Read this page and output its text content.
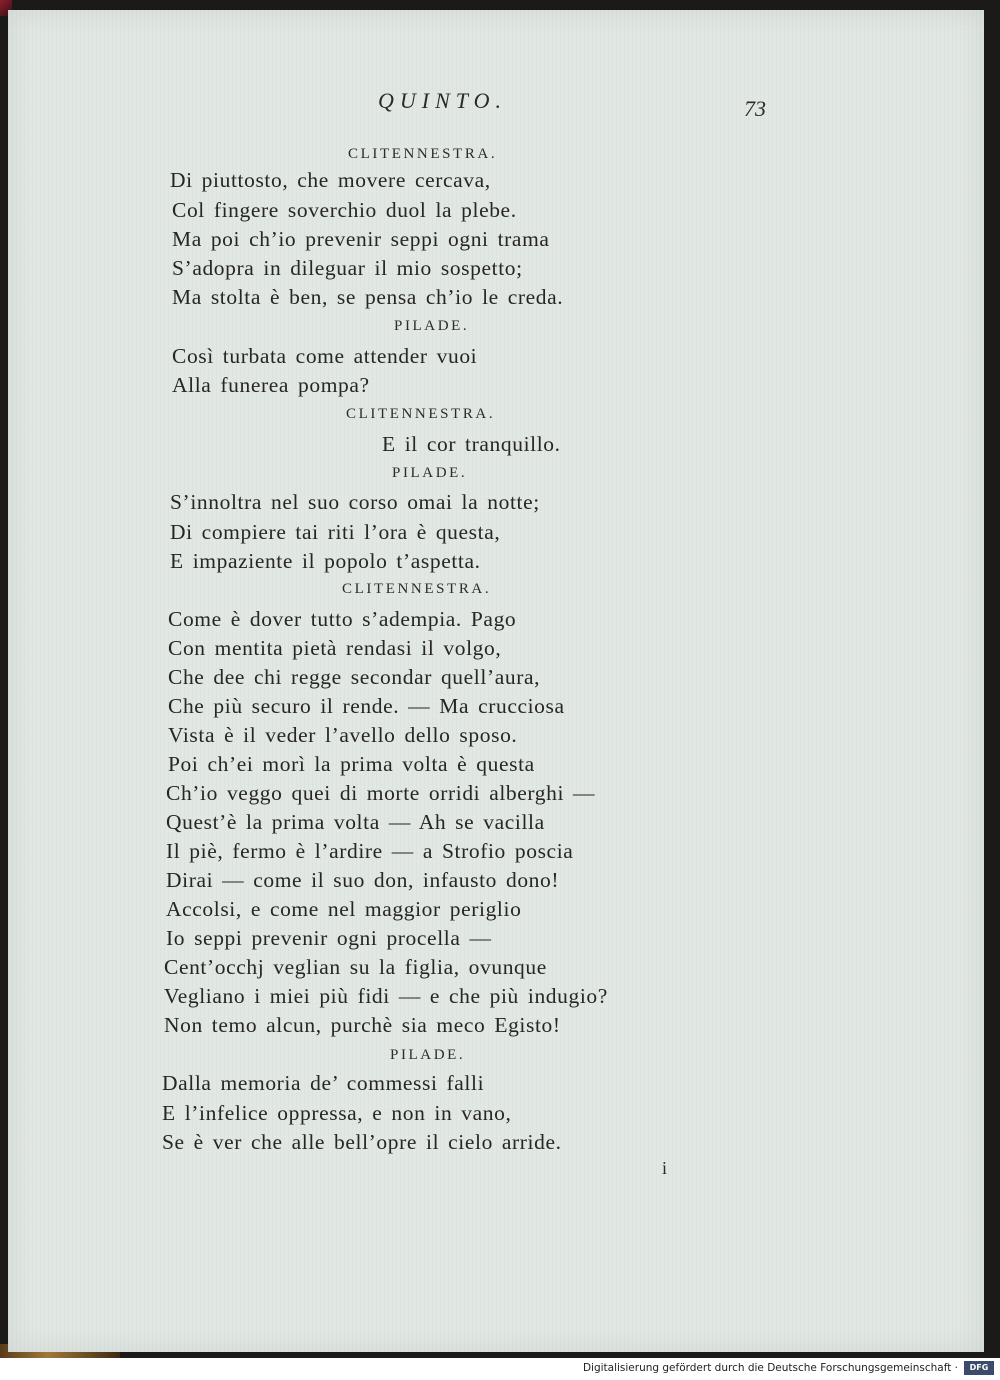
QUINTO.	73
CLITENNESTRA.
Di piuttosto, che movere cercava,
Col fingere soverchio duol la plebe.
Ma poi ch’io prevenir seppi ogni trama
S’adopra in dileguar il mio sospetto;
Ma stolta è ben, se pensa ch’io le creda.
PILADE.
Così turbata come attender vuoi
Alla funerea pompa?
CLITENNESTRA.
E il cor tranquillo.
PILADE.
S’innoltra nel suo corso omai la notte;
Di compiere tai riti l’ora è questa,
E impaziente il popolo t’aspetta.
CLITENNESTRA.
Come è dover tutto s’adempia. Pago
Con mentita pietà rendasi il volgo,
Che dee chi regge secondar quell’aura,
Che più securo il rende. — Ma crucciosa
Vista è il veder l’avello dello sposo.
Poi ch’ei morì la prima volta è questa
Ch’io veggo quei di morte orridi alberghi —
Quest’è la prima volta — Ah se vacilla
Il piè, fermo è l’ardire — a Strofio poscia
Dirai — come il suo don, infausto dono!
Accolsi, e come nel maggior periglio
Io seppi prevenir ogni procella —
Cent’occhj veglian su la figlia, ovunque
Vegliano i miei più fidi — e che più indugio?
Non temo alcun, purchè sia meco Egisto!
PILADE.
Dalla memoria de’ commessi falli
E l’infelice oppressa, e non in vano,
Se è ver che alle bell’opre il cielo arride.
i
Digitalisierung gefördert durch die Deutsche Forschungsgemeinschaft ·	DFG
